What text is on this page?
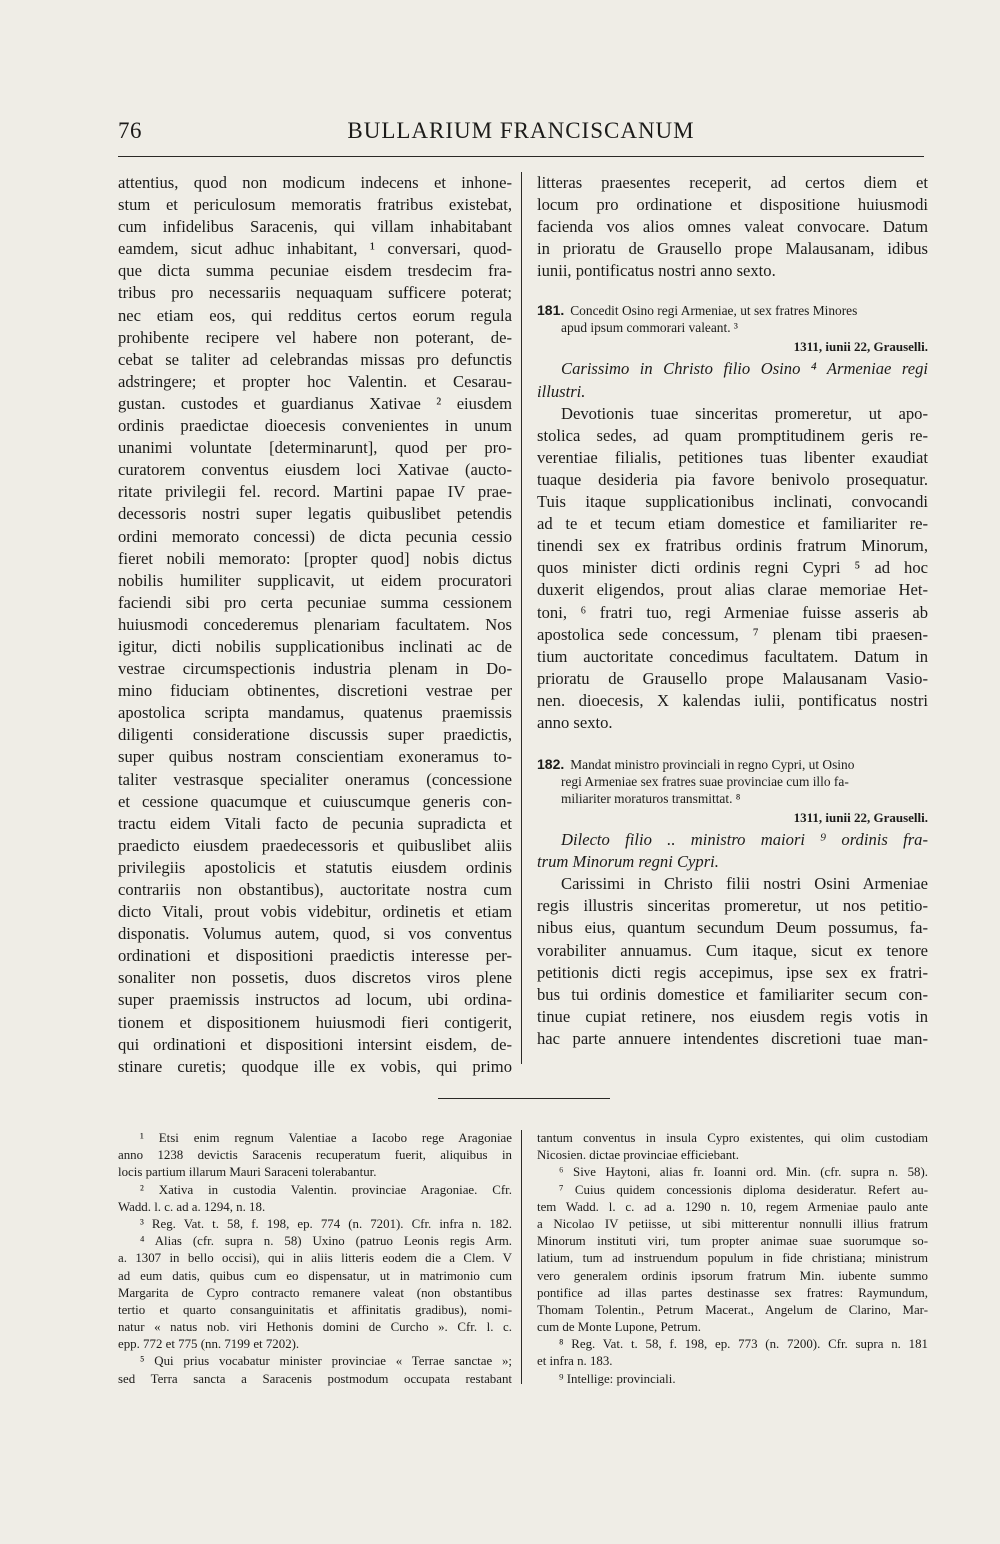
76	BULLARIUM FRANCISCANUM
attentius, quod non modicum indecens et inhone-
stum et periculosum memoratis fratribus existebat,
cum infidelibus Saracenis, qui villam inhabitabant
eamdem, sicut adhuc inhabitant, ¹ conversari, quod-
que dicta summa pecuniae eisdem tresdecim fra-
tribus pro necessariis nequaquam sufficere poterat;
nec etiam eos, qui redditus certos eorum regula
prohibente recipere vel habere non poterant, de-
cebat se taliter ad celebrandas missas pro defunctis
adstringere; et propter hoc Valentin. et Cesarau-
gustan. custodes et guardianus Xativae ² eiusdem
ordinis praedictae dioecesis convenientes in unum
unanimi voluntate [determinarunt], quod per pro-
curatorem conventus eiusdem loci Xativae (aucto-
ritate privilegii fel. record. Martini papae IV prae-
decessoris nostri super legatis quibuslibet petendis
ordini memorato concessi) de dicta pecunia cessio
fieret nobili memorato: [propter quod] nobis dictus
nobilis humiliter supplicavit, ut eidem procuratori
faciendi sibi pro certa pecuniae summa cessionem
huiusmodi concederemus plenariam facultatem. Nos
igitur, dicti nobilis supplicationibus inclinati ac de
vestrae circumspectionis industria plenam in Do-
mino fiduciam obtinentes, discretioni vestrae per
apostolica scripta mandamus, quatenus praemissis
diligenti consideratione discussis super praedictis,
super quibus nostram conscientiam exoneramus to-
taliter vestrasque specialiter oneramus (concessione
et cessione quacumque et cuiuscumque generis con-
tractu eidem Vitali facto de pecunia supradicta et
praedicto eiusdem praedecessoris et quibuslibet aliis
privilegiis apostolicis et statutis eiusdem ordinis
contrariis non obstantibus), auctoritate nostra cum
dicto Vitali, prout vobis videbitur, ordinetis et etiam
disponatis. Volumus autem, quod, si vos conventus
ordinationi et dispositioni praedictis interesse per-
sonaliter non possetis, duos discretos viros plene
super praemissis instructos ad locum, ubi ordina-
tionem et dispositionem huiusmodi fieri contigerit,
qui ordinationi et dispositioni intersint eisdem, de-
stinare curetis; quodque ille ex vobis, qui primo
litteras praesentes receperit, ad certos diem et
locum pro ordinatione et dispositione huiusmodi
facienda vos alios omnes valeat convocare. Datum
in prioratu de Grausello prope Malausanam, idibus
iunii, pontificatus nostri anno sexto.
181. Concedit Osino regi Armeniae, ut sex fratres Minores
apud ipsum commorari valeant. ³
1311, iunii 22, Grauselli.
Carissimo in Christo filio Osino ⁴ Armeniae regi
illustri.
Devotionis tuae sinceritas promeretur, ut apo-
stolica sedes, ad quam promptitudinem geris re-
verentiae filialis, petitiones tuas libenter exaudiat
tuaque desideria pia favore benivolo prosequatur.
Tuis itaque supplicationibus inclinati, convocandi
ad te et tecum etiam domestice et familiariter re-
tinendi sex ex fratribus ordinis fratrum Minorum,
quos minister dicti ordinis regni Cypri ⁵ ad hoc
duxerit eligendos, prout alias clarae memoriae Het-
toni, ⁶ fratri tuo, regi Armeniae fuisse asseris ab
apostolica sede concessum, ⁷ plenam tibi praesen-
tium auctoritate concedimus facultatem. Datum in
prioratu de Grausello prope Malausanam Vasio-
nen. dioecesis, X kalendas iulii, pontificatus nostri
anno sexto.
182. Mandat ministro provinciali in regno Cypri, ut Osino
regi Armeniae sex fratres suae provinciae cum illo fa-
miliariter moraturos transmittat. ⁸
1311, iunii 22, Grauselli.
Dilecto filio .. ministro maiori ⁹ ordinis fra-
trum Minorum regni Cypri.
Carissimi in Christo filii nostri Osini Armeniae
regis illustris sinceritas promeretur, ut nos petitio-
nibus eius, quantum secundum Deum possumus, fa-
vorabiliter annuamus. Cum itaque, sicut ex tenore
petitionis dicti regis accepimus, ipse sex ex fratri-
bus tui ordinis domestice et familiariter secum con-
tinue cupiat retinere, nos eiusdem regis votis in
hac parte annuere intendentes discretioni tuae man-
¹ Etsi enim regnum Valentiae a Iacobo rege Aragoniae
anno 1238 devictis Saracenis recuperatum fuerit, aliquibus in
locis partium illarum Mauri Saraceni tolerabantur.
² Xativa in custodia Valentin. provinciae Aragoniae. Cfr.
Wadd. l. c. ad a. 1294, n. 18.
³ Reg. Vat. t. 58, f. 198, ep. 774 (n. 7201). Cfr. infra n. 182.
⁴ Alias (cfr. supra n. 58) Uxino (patruo Leonis regis Arm.
a. 1307 in bello occisi), qui in aliis litteris eodem die a Clem. V
ad eum datis, quibus cum eo dispensatur, ut in matrimonio cum
Margarita de Cypro contracto remanere valeat (non obstantibus
tertio et quarto consanguinitatis et affinitatis gradibus), nomi-
natur « natus nob. viri Hethonis domini de Curcho ». Cfr. l. c.
epp. 772 et 775 (nn. 7199 et 7202).
⁵ Qui prius vocabatur minister provinciae « Terrae sanctae »;
sed Terra sancta a Saracenis postmodum occupata restabant
tantum conventus in insula Cypro existentes, qui olim custodiam
Nicosien. dictae provinciae efficiebant.
⁶ Sive Haytoni, alias fr. Ioanni ord. Min. (cfr. supra n. 58).
⁷ Cuius quidem concessionis diploma desideratur. Refert au-
tem Wadd. l. c. ad a. 1290 n. 10, regem Armeniae paulo ante
a Nicolao IV petiisse, ut sibi mitterentur nonnulli illius fratrum
Minorum instituti viri, tum propter animae suae suorumque so-
latium, tum ad instruendum populum in fide christiana; ministrum
vero generalem ordinis ipsorum fratrum Min. iubente summo
pontifice ad illas partes destinasse sex fratres: Raymundum,
Thomam Tolentin., Petrum Macerat., Angelum de Clarino, Mar-
cum de Monte Lupone, Petrum.
⁸ Reg. Vat. t. 58, f. 198, ep. 773 (n. 7200). Cfr. supra n. 181
et infra n. 183.
⁹ Intellige: provinciali.
